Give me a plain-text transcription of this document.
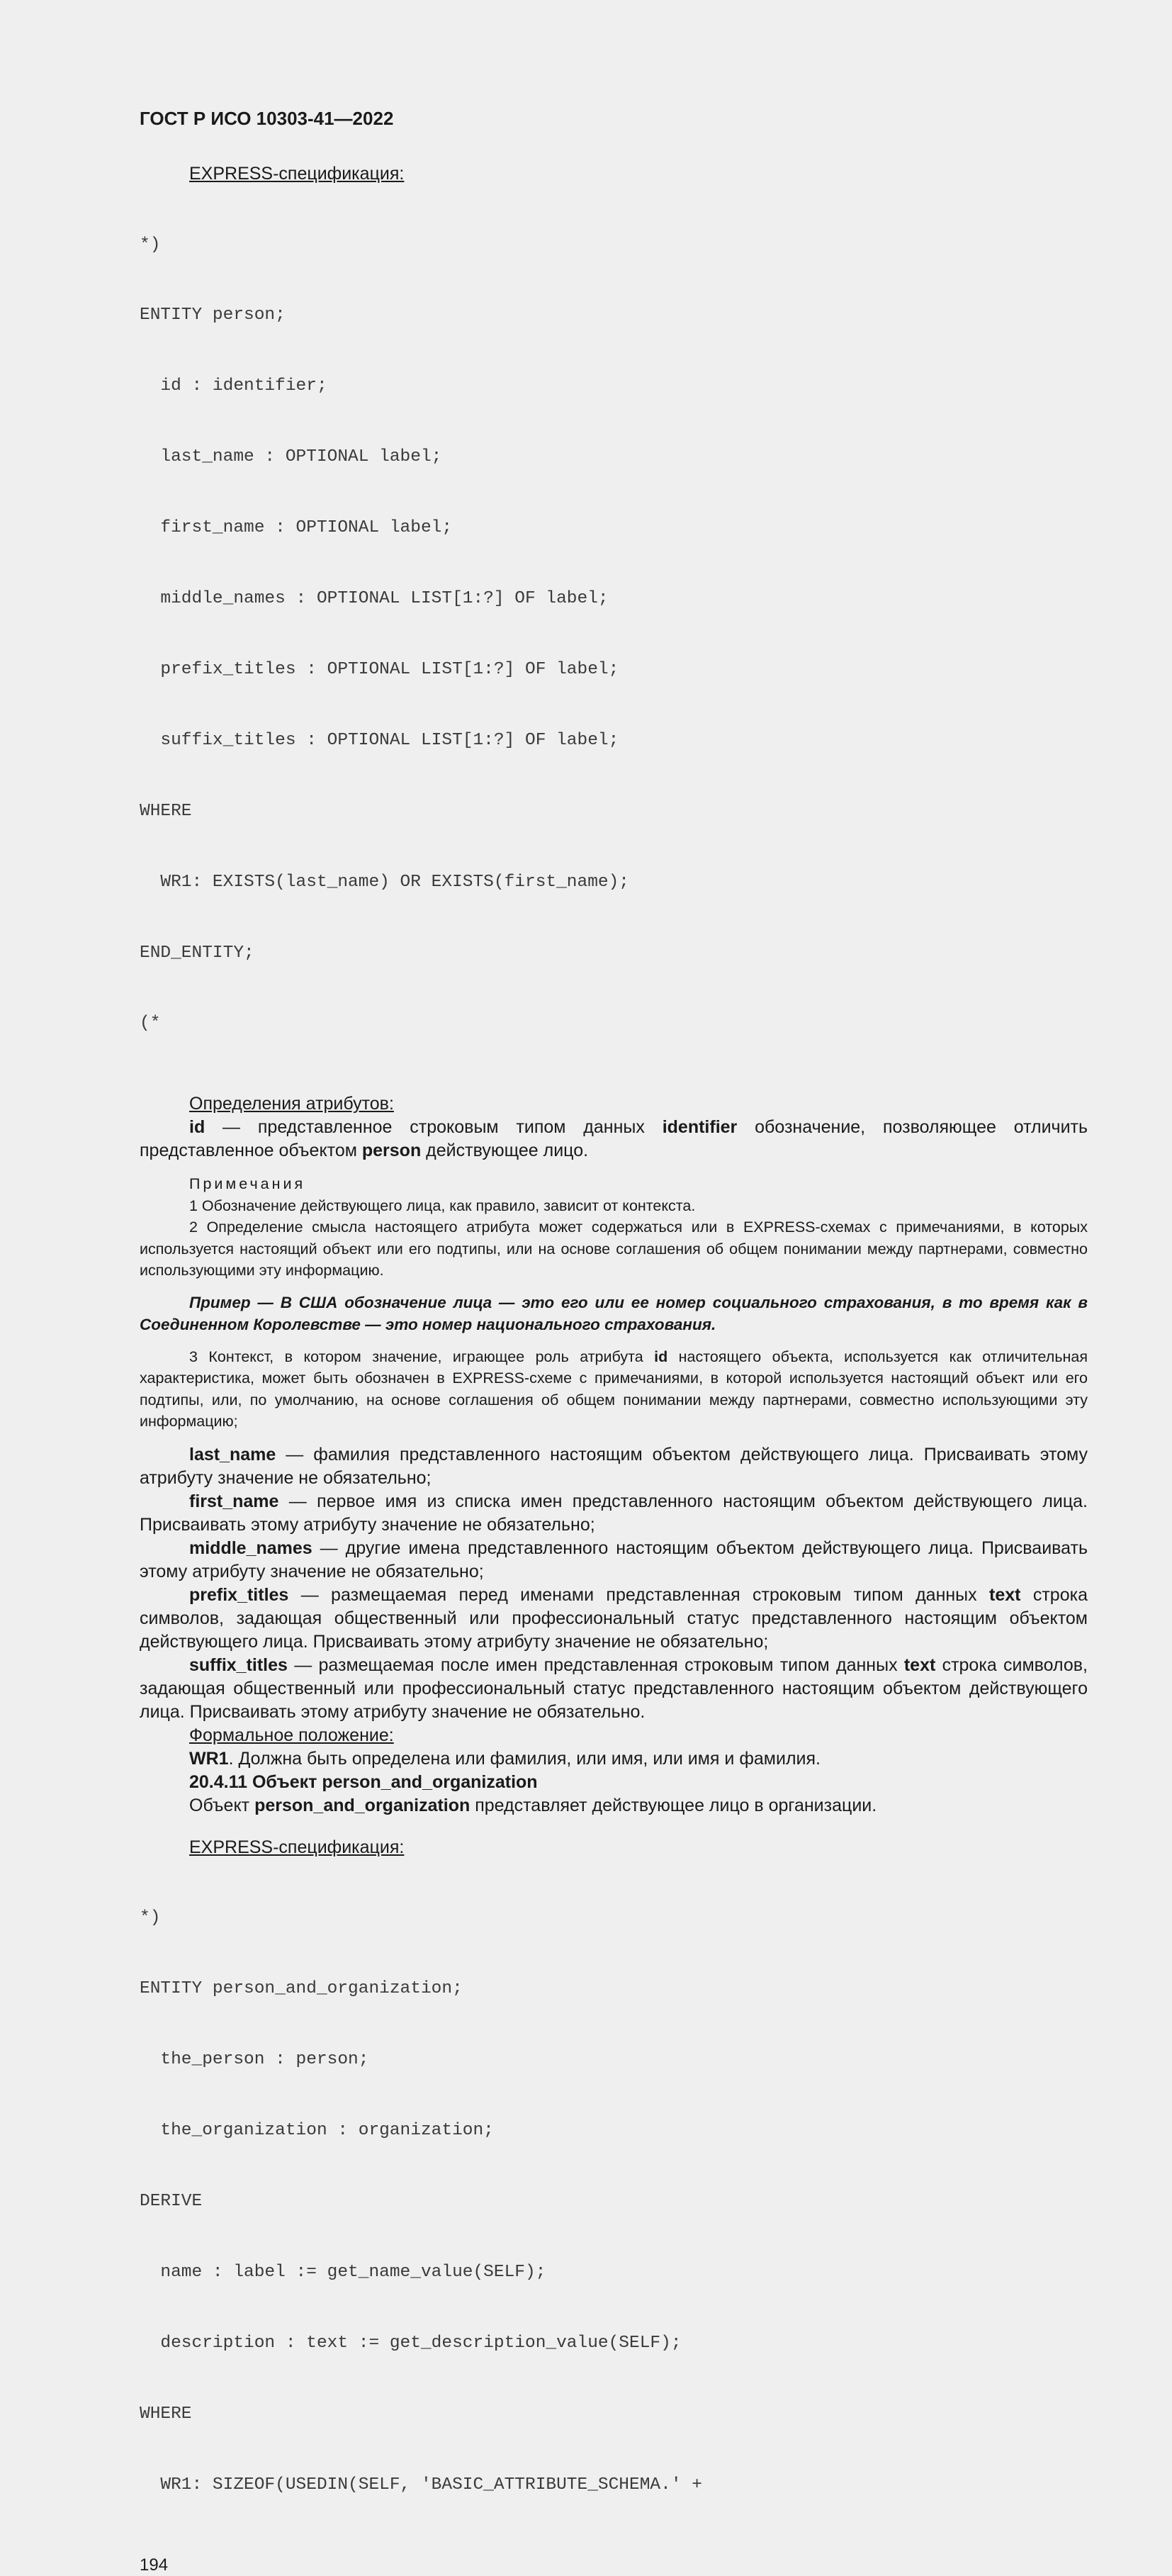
ГОСТ Р ИСО 10303-41—2022
EXPRESS-спецификация:

*)

ENTITY person;

id : identifier;

last_name : OPTIONAL label;

first_name : OPTIONAL label;

middle_names : OPTIONAL LIST[1:?] OF label;

prefix_titles : OPTIONAL LIST[1:?] OF label;

suffix_titles : OPTIONAL LIST[1:?] OF label;

WHERE

WR1: EXISTS(last_name) OR EXISTS(first_name);

END_ENTITY;

(*

Определения атрибутов:
id — представленное строковым типом данных identifier обозначение, позволяющее отличить представленное объектом person действующее лицо.
Примечания
1 Обозначение действующего лица, как правило, зависит от контекста.
2 Определение смысла настоящего атрибута может содержаться или в EXPRESS-схемах с примечаниями, в которых используется настоящий объект или его подтипы, или на основе соглашения об общем понимании между партнерами, совместно использующими эту информацию.
Пример — В США обозначение лица — это его или ее номер социального страхования, в то время как в Соединенном Королевстве — это номер национального страхования.
3 Контекст, в котором значение, играющее роль атрибута id настоящего объекта, используется как отличительная характеристика, может быть обозначен в EXPRESS-схеме с примечаниями, в которой используется настоящий объект или его подтипы, или, по умолчанию, на основе соглашения об общем понимании между партнерами, совместно использующими эту информацию;
last_name — фамилия представленного настоящим объектом действующего лица. Присваивать этому атрибуту значение не обязательно;
first_name — первое имя из списка имен представленного настоящим объектом действующего лица. Присваивать этому атрибуту значение не обязательно;
middle_names — другие имена представленного настоящим объектом действующего лица. Присваивать этому атрибуту значение не обязательно;
prefix_titles — размещаемая перед именами представленная строковым типом данных text строка символов, задающая общественный или профессиональный статус представленного настоящим объектом действующего лица. Присваивать этому атрибуту значение не обязательно;
suffix_titles — размещаемая после имен представленная строковым типом данных text строка символов, задающая общественный или профессиональный статус представленного настоящим объектом действующего лица. Присваивать этому атрибуту значение не обязательно.
Формальное положение:
WR1. Должна быть определена или фамилия, или имя, или имя и фамилия.
20.4.11 Объект person_and_organization
Объект person_and_organization представляет действующее лицо в организации.
EXPRESS-спецификация:

*)

ENTITY person_and_organization;

the_person : person;

the_organization : organization;

DERIVE

name : label := get_name_value(SELF);

description : text := get_description_value(SELF);

WHERE

WR1: SIZEOF(USEDIN(SELF, 'BASIC_ATTRIBUTE_SCHEMA.' +

194
